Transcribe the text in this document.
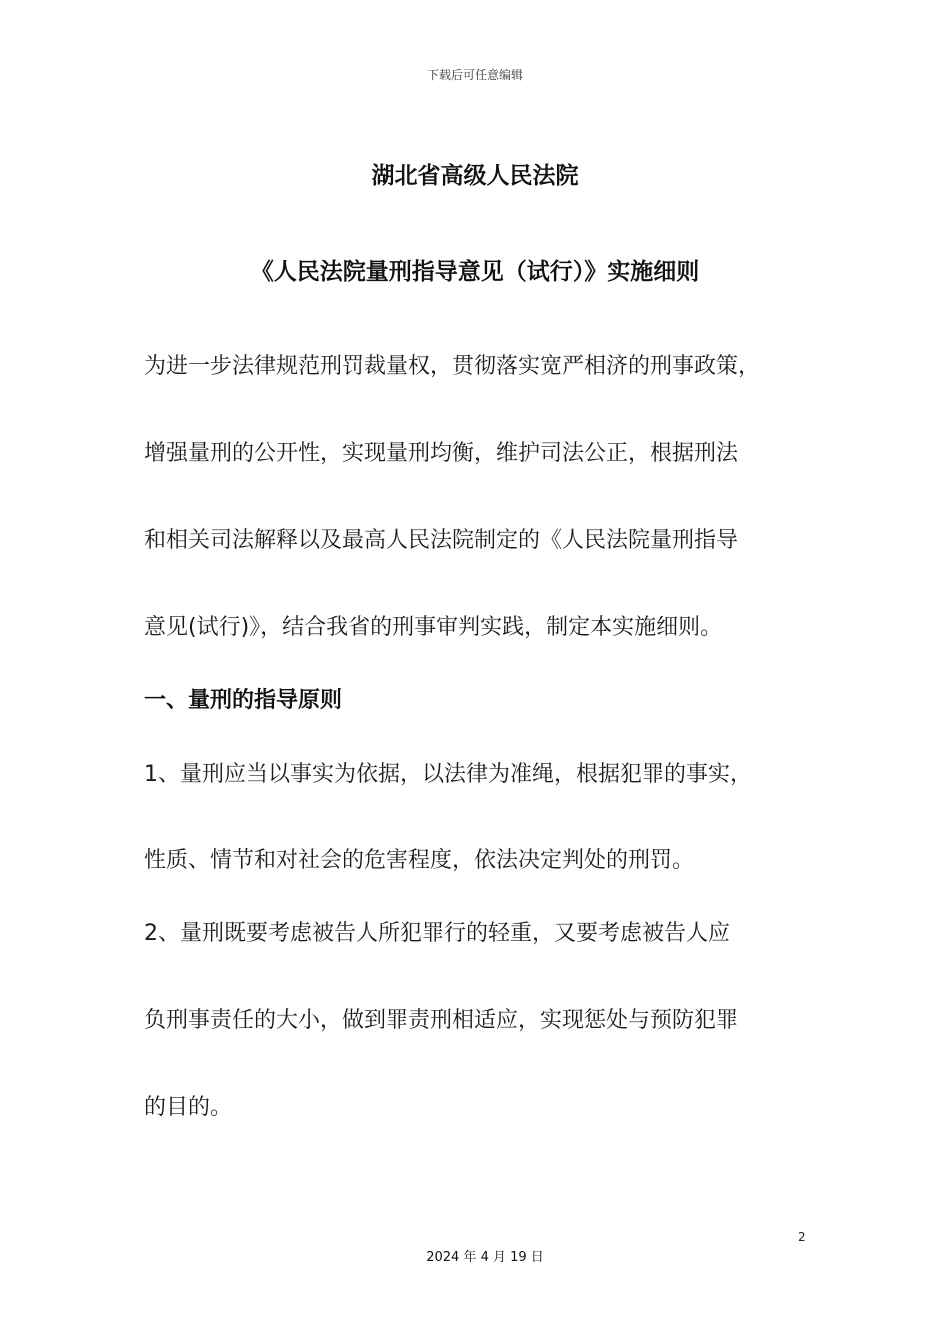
下载后可任意编辑
湖北省高级人民法院
《人民法院量刑指导意见（试行）》实施细则
为进一步法律规范刑罚裁量权，贯彻落实宽严相济的刑事政策，
增强量刑的公开性，实现量刑均衡，维护司法公正，根据刑法
和相关司法解释以及最高人民法院制定的《人民法院量刑指导
意见(试行)》，结合我省的刑事审判实践，制定本实施细则。
一、量刑的指导原则
1、量刑应当以事实为依据，以法律为准绳，根据犯罪的事实，
性质、情节和对社会的危害程度，依法决定判处的刑罚。
2、量刑既要考虑被告人所犯罪行的轻重，又要考虑被告人应
负刑事责任的大小，做到罪责刑相适应，实现惩处与预防犯罪
的目的。
2
2024 年 4 月 19 日
